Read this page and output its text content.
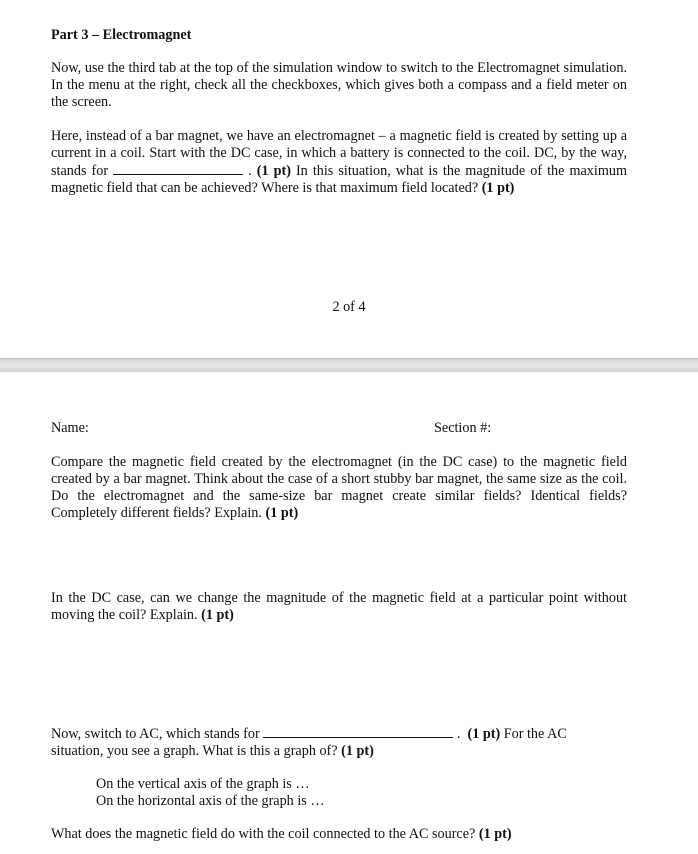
Part 3 – Electromagnet

Now, use the third tab at the top of the simulation window to switch to the Electromagnet simulation. In the menu at the right, check all the checkboxes, which gives both a compass and a field meter on the screen.

Here, instead of a bar magnet, we have an electromagnet – a magnetic field is created by setting up a current in a coil. Start with the DC case, in which a battery is connected to the coil. DC, by the way, stands for	. (1 pt) In this situation, what is the magnitude of the maximum magnetic field that can be achieved? Where is that maximum field located? (1 pt)

2 of 4
Name:	Section #:

Compare the magnetic field created by the electromagnet (in the DC case) to the magnetic field created by a bar magnet. Think about the case of a short stubby bar magnet, the same size as the coil. Do the electromagnet and the same-size bar magnet create similar fields? Identical fields? Completely different fields? Explain. (1 pt)

In the DC case, can we change the magnitude of the magnetic field at a particular point without moving the coil? Explain. (1 pt)

Now, switch to AC, which stands for	.  (1 pt) For the AC
situation, you see a graph. What is this a graph of? (1 pt)

On the vertical axis of the graph is …
On the horizontal axis of the graph is …

What does the magnetic field do with the coil connected to the AC source? (1 pt)
